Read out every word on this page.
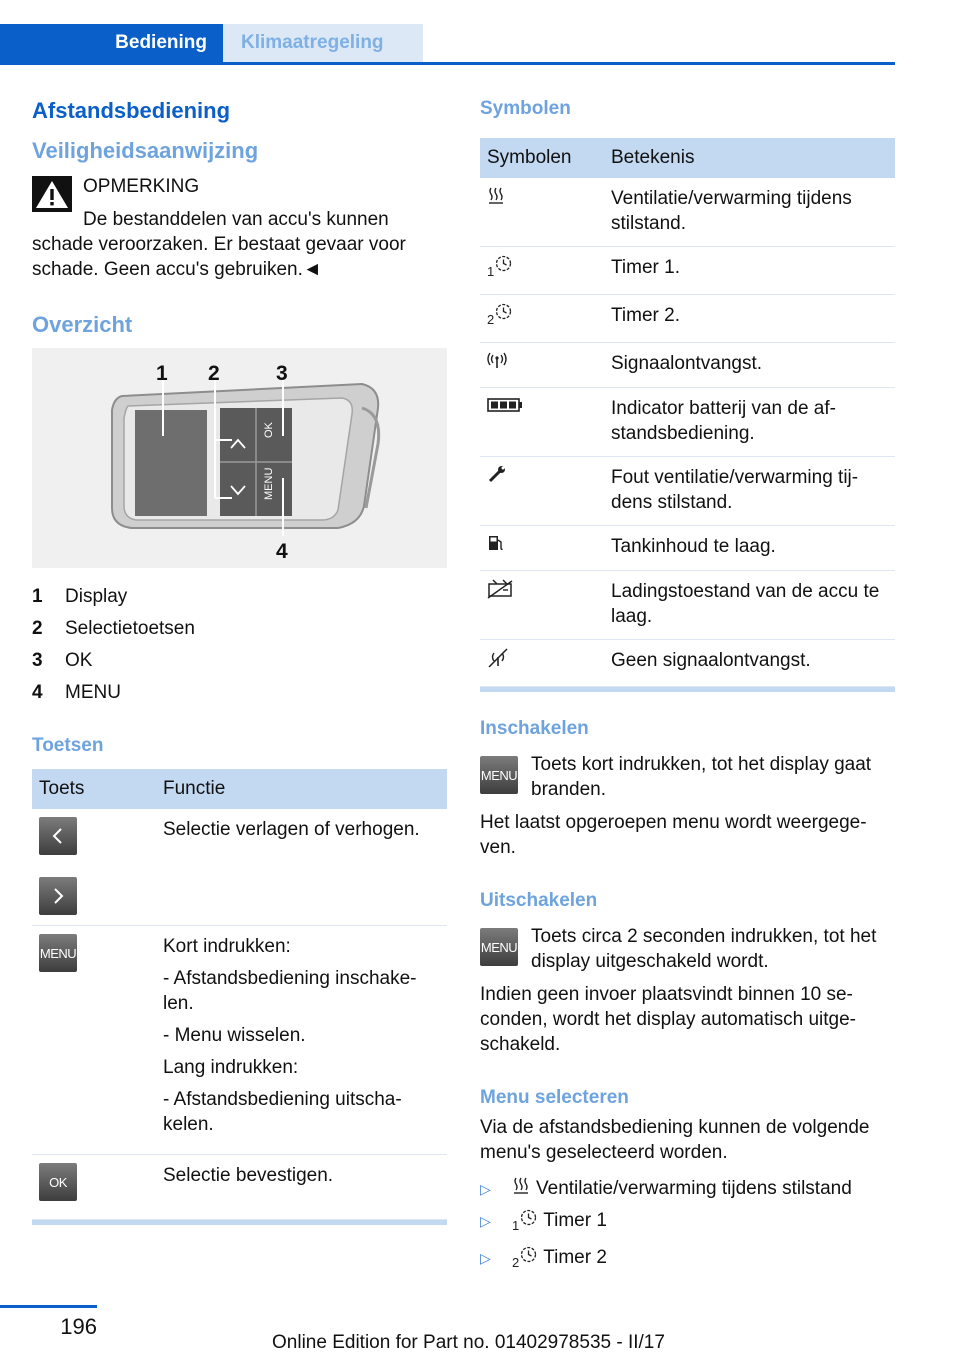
Bediening	Klimaatregeling
Afstandsbediening
Veiligheidsaanwijzing

OPMERKING

De bestanddelen van accu's kunnen

schade veroorzaken. Er bestaat gevaar voor schade. Geen accu's gebruiken.◄

Overzicht
OK
MENU
1 2	3
4
1	Display
2	Selectietoetsen
3	OK
4	MENU
Toetsen
Toets	Functie

Selectie verlagen of verhogen.

MENU	Kort indrukken:

- Afstandsbediening inschake-len.

- Menu wisselen.

Lang indrukken:

- Afstandsbediening uitscha-kelen.

OK	Selectie bevestigen.

Symbolen
Symbolen	Betekenis
	Ventilatie/verwarming tijdens stilstand.
1	Timer 1.
2	Timer 2.
	Signaalontvangst.
	Indicator batterij van de af-standsbediening.
	Fout ventilatie/verwarming tij-dens stilstand.
	Tankinhoud te laag.
	Ladingstoestand van de accu te laag.
	Geen signaalontvangst.
Inschakelen
MENU Toets kort indrukken, tot het display gaat branden.

Het laatst opgeroepen menu wordt weergege-ven.

Uitschakelen
MENU Toets circa 2 seconden indrukken, tot het display uitgeschakeld wordt.

Indien geen invoer plaatsvindt binnen 10 se-conden, wordt het display automatisch uitge-schakeld.

Menu selecteren

Via de afstandsbediening kunnen de volgende menu's geselecteerd worden.

▷	Ventilatie/verwarming tijdens stilstand
▷	1	Timer 1
▷	2	Timer 2
196
Online Edition for Part no. 01402978535 - II/17
